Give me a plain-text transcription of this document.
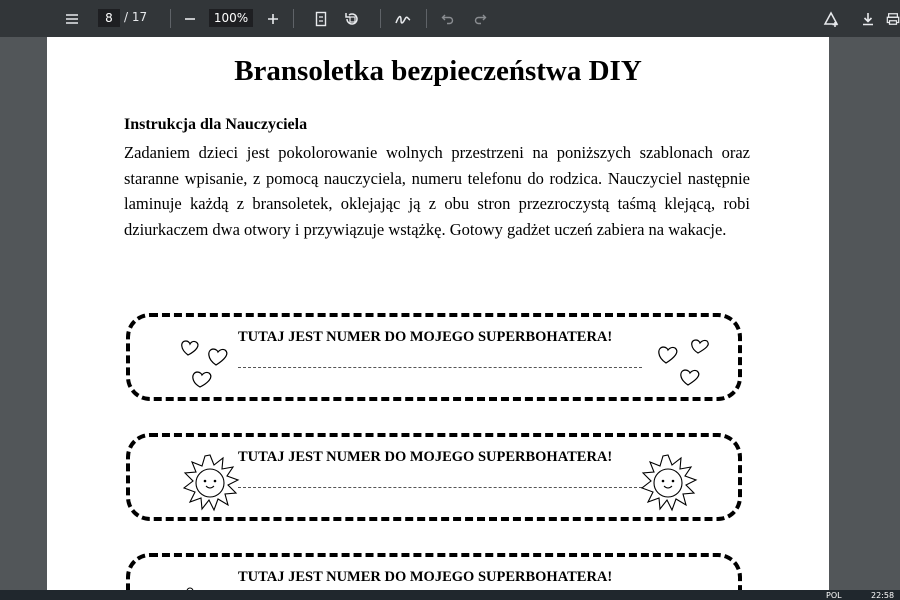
8 / 17	100%
Bransoletka bezpieczeństwa DIY
Instrukcja dla Nauczyciela
Zadaniem dzieci jest pokolorowanie wolnych przestrzeni na poniższych szablonach oraz staranne wpisanie, z pomocą nauczyciela, numeru telefonu do rodzica. Nauczyciel następnie laminuje każdą z bransoletek, oklejając ją z obu stron przezroczystą taśmą klejącą, robi dziurkaczem dwa otwory i przywiązuje wstążkę. Gotowy gadżet uczeń zabiera na wakacje.
TUTAJ JEST NUMER DO MOJEGO SUPERBOHATERA!
TUTAJ JEST NUMER DO MOJEGO SUPERBOHATERA!
TUTAJ JEST NUMER DO MOJEGO SUPERBOHATERA!
POL	22:58
